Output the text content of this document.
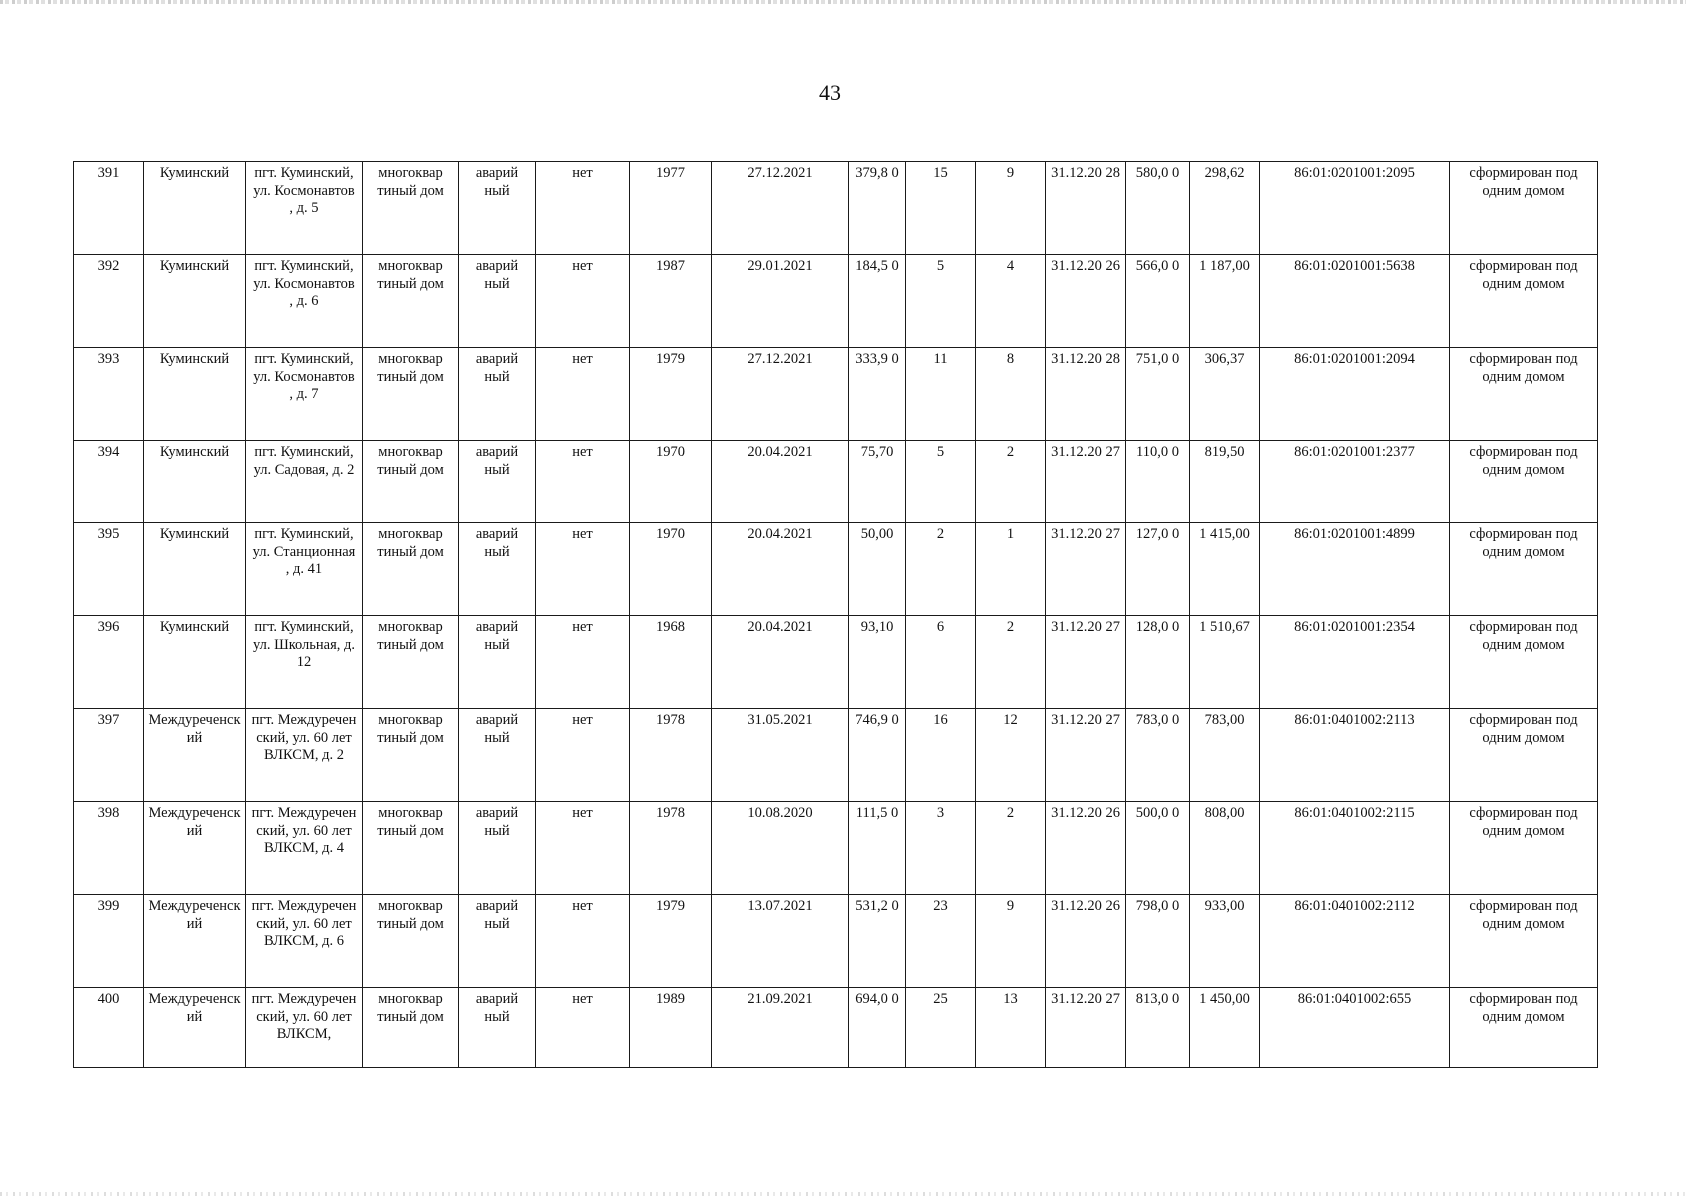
43
391	Куминский	пгт. Куминский, ул. Космонавтов , д. 5	многоквар тиный дом	аварий ный	нет	1977	27.12.2021	379,8 0	15	9	31.12.20 28	580,0 0	298,62	86:01:0201001:2095	сформирован под одним домом
392	Куминский	пгт. Куминский, ул. Космонавтов , д. 6	многоквар тиный дом	аварий ный	нет	1987	29.01.2021	184,5 0	5	4	31.12.20 26	566,0 0	1 187,00	86:01:0201001:5638	сформирован под одним домом
393	Куминский	пгт. Куминский, ул. Космонавтов , д. 7	многоквар тиный дом	аварий ный	нет	1979	27.12.2021	333,9 0	11	8	31.12.20 28	751,0 0	306,37	86:01:0201001:2094	сформирован под одним домом
394	Куминский	пгт. Куминский, ул. Садовая, д. 2	многоквар тиный дом	аварий ный	нет	1970	20.04.2021	75,70	5	2	31.12.20 27	110,0 0	819,50	86:01:0201001:2377	сформирован под одним домом
395	Куминский	пгт. Куминский, ул. Станционная , д. 41	многоквар тиный дом	аварий ный	нет	1970	20.04.2021	50,00	2	1	31.12.20 27	127,0 0	1 415,00	86:01:0201001:4899	сформирован под одним домом
396	Куминский	пгт. Куминский, ул. Школьная, д. 12	многоквар тиный дом	аварий ный	нет	1968	20.04.2021	93,10	6	2	31.12.20 27	128,0 0	1 510,67	86:01:0201001:2354	сформирован под одним домом
397	Междуреченский	пгт. Междуречен ский, ул. 60 лет ВЛКСМ, д. 2	многоквар тиный дом	аварий ный	нет	1978	31.05.2021	746,9 0	16	12	31.12.20 27	783,0 0	783,00	86:01:0401002:2113	сформирован под одним домом
398	Междуреченский	пгт. Междуречен ский, ул. 60 лет ВЛКСМ, д. 4	многоквар тиный дом	аварий ный	нет	1978	10.08.2020	111,5 0	3	2	31.12.20 26	500,0 0	808,00	86:01:0401002:2115	сформирован под одним домом
399	Междуреченский	пгт. Междуречен ский, ул. 60 лет ВЛКСМ, д. 6	многоквар тиный дом	аварий ный	нет	1979	13.07.2021	531,2 0	23	9	31.12.20 26	798,0 0	933,00	86:01:0401002:2112	сформирован под одним домом
400	Междуреченский	пгт. Междуречен ский, ул. 60 лет ВЛКСМ,	многоквар тиный дом	аварий ный	нет	1989	21.09.2021	694,0 0	25	13	31.12.20 27	813,0 0	1 450,00	86:01:0401002:655	сформирован под одним домом
